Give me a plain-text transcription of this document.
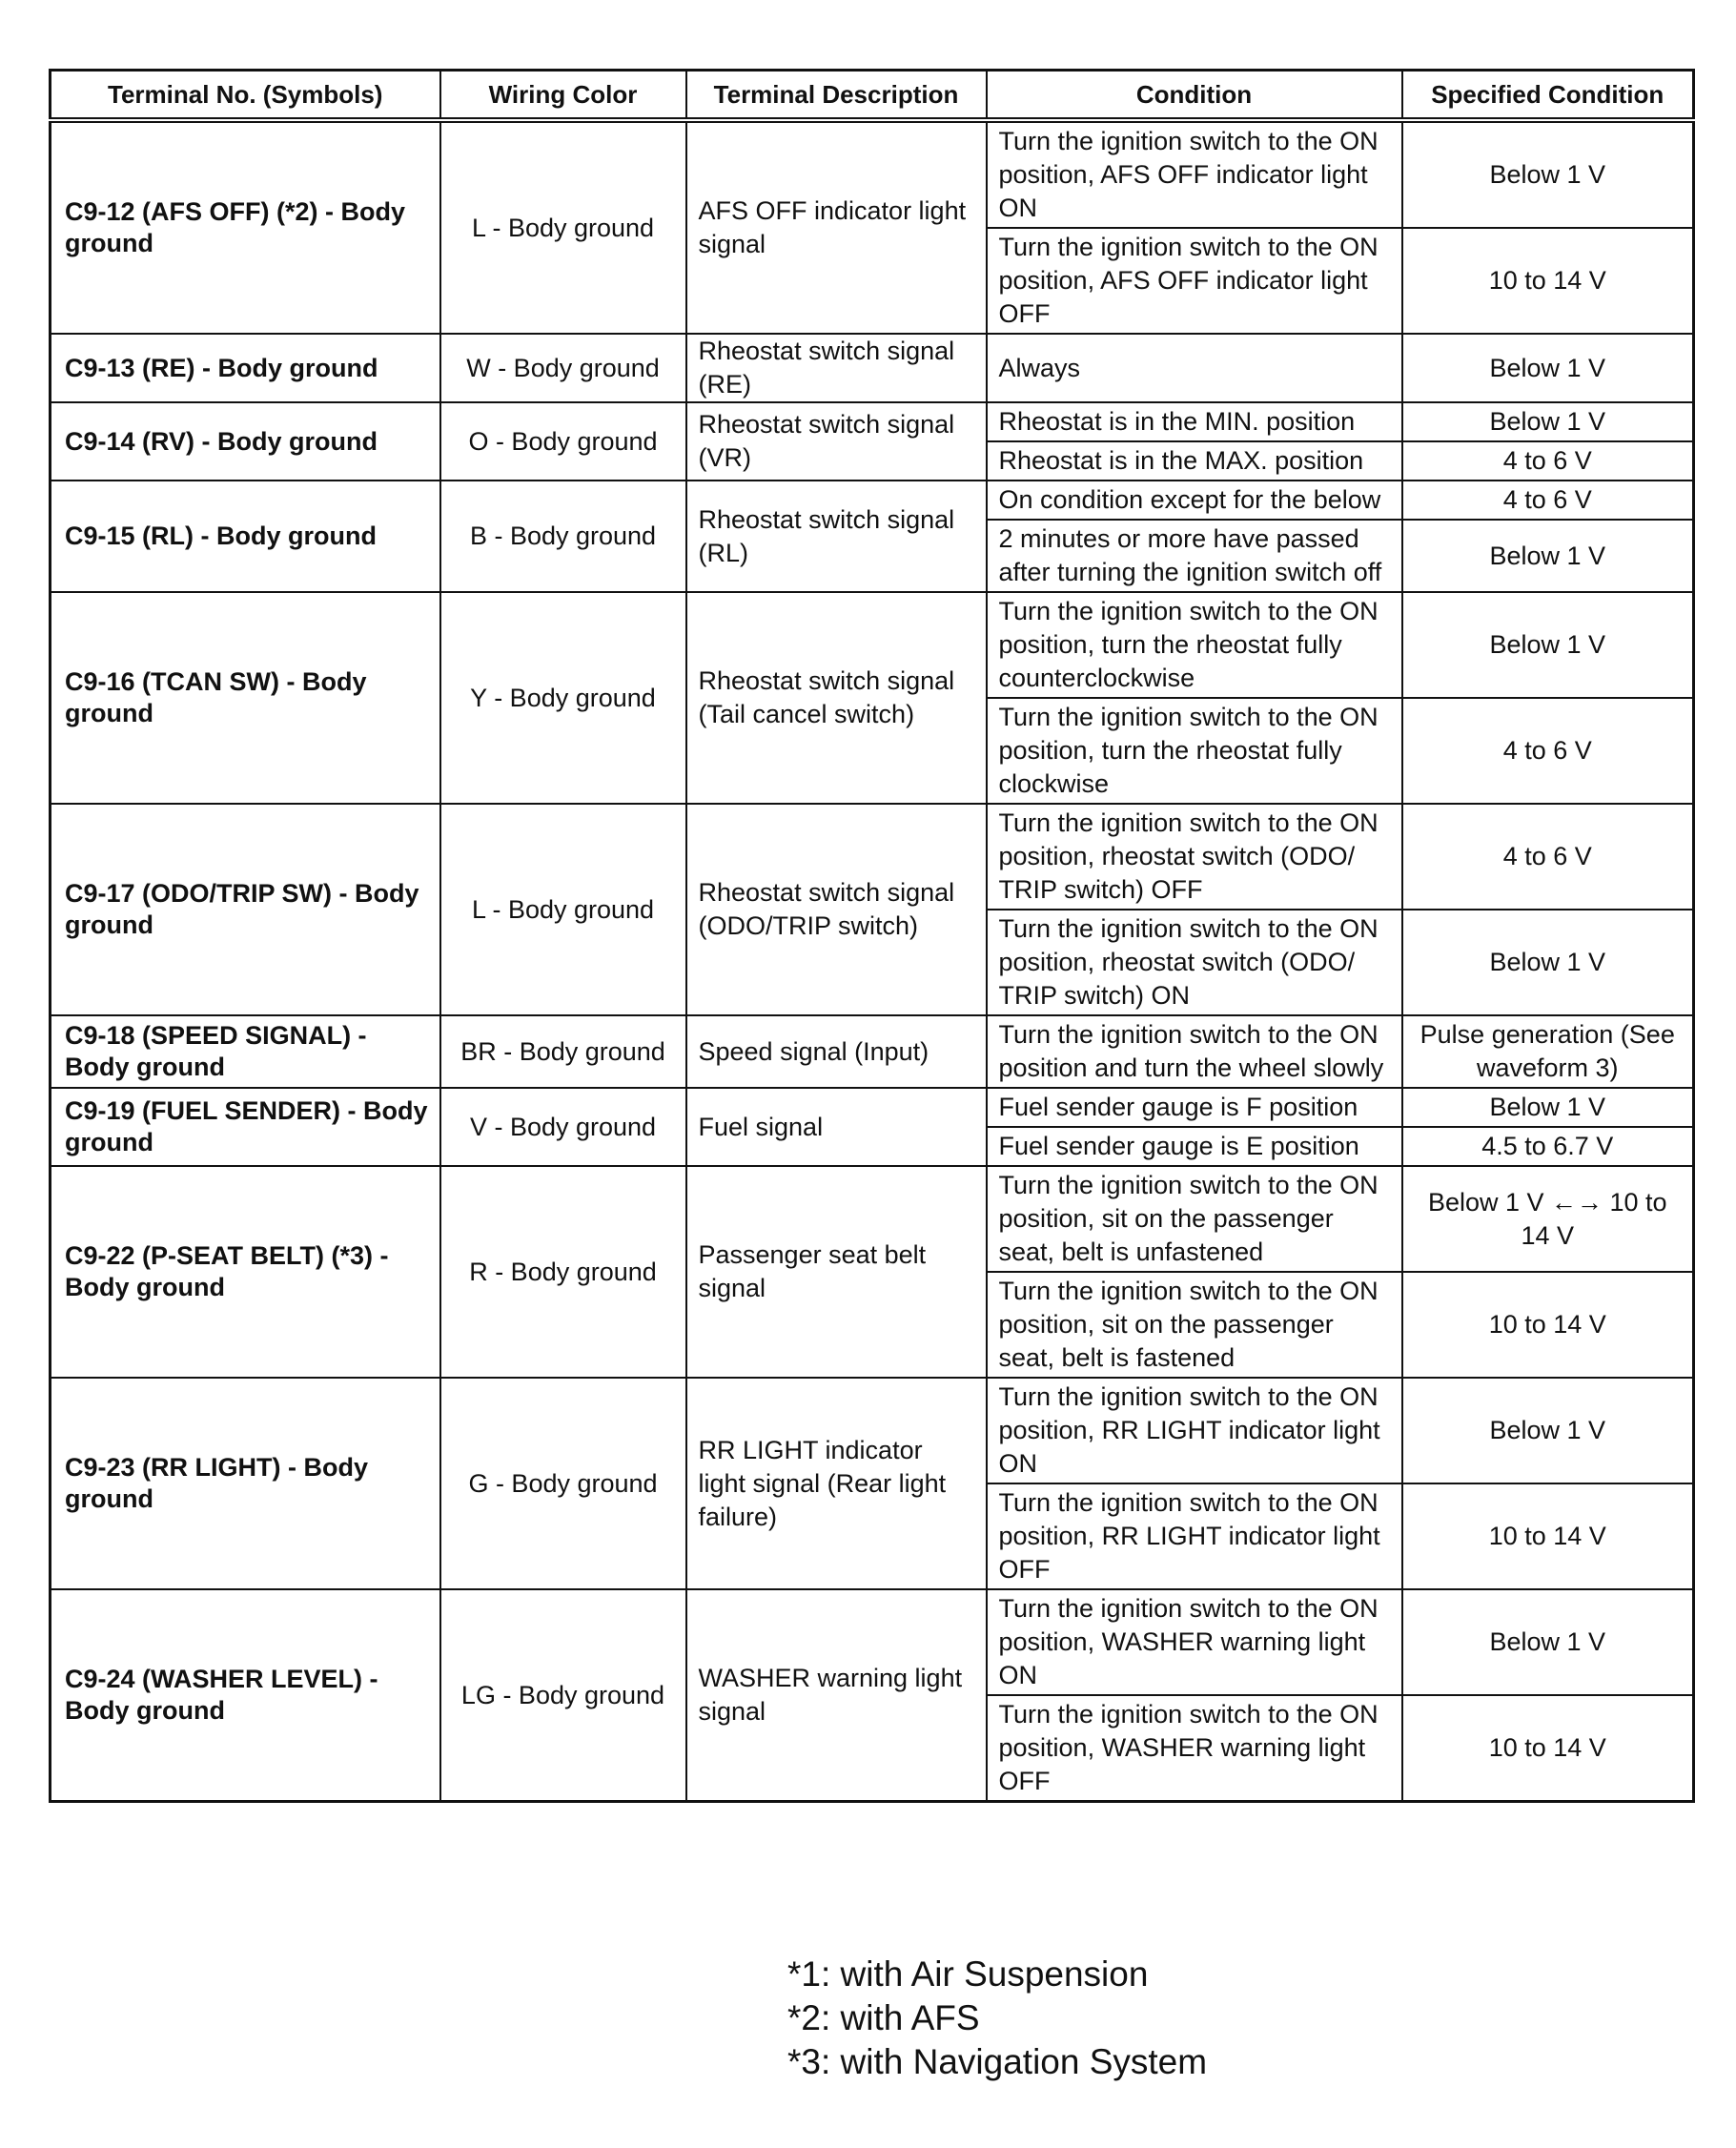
Terminal No. (Symbols)	Wiring Color	Terminal Description	Condition	Specified Condition
C9-12 (AFS OFF) (*2) - Body ground	L - Body ground	AFS OFF indicator light signal	Turn the ignition switch to the ON position, AFS OFF indicator light ON	Below 1 V
			Turn the ignition switch to the ON position, AFS OFF indicator light OFF	10 to 14 V
C9-13 (RE) - Body ground	W - Body ground	Rheostat switch signal (RE)	Always	Below 1 V
C9-14 (RV) - Body ground	O - Body ground	Rheostat switch signal (VR)	Rheostat is in the MIN. position	Below 1 V
			Rheostat is in the MAX. position	4 to 6 V
C9-15 (RL) - Body ground	B - Body ground	Rheostat switch signal (RL)	On condition except for the below	4 to 6 V
			2 minutes or more have passed after turning the ignition switch off	Below 1 V
C9-16 (TCAN SW) - Body ground	Y - Body ground	Rheostat switch signal (Tail cancel switch)	Turn the ignition switch to the ON position, turn the rheostat fully counterclockwise	Below 1 V
			Turn the ignition switch to the ON position, turn the rheostat fully clockwise	4 to 6 V
C9-17 (ODO/TRIP SW) - Body ground	L - Body ground	Rheostat switch signal (ODO/TRIP switch)	Turn the ignition switch to the ON position, rheostat switch (ODO/ TRIP switch) OFF	4 to 6 V
			Turn the ignition switch to the ON position, rheostat switch (ODO/ TRIP switch) ON	Below 1 V
C9-18 (SPEED SIGNAL) - Body ground	BR - Body ground	Speed signal (Input)	Turn the ignition switch to the ON position and turn the wheel slowly	Pulse generation (See waveform 3)
C9-19 (FUEL SENDER) - Body ground	V - Body ground	Fuel signal	Fuel sender gauge is F position	Below 1 V
			Fuel sender gauge is E position	4.5 to 6.7 V
C9-22 (P-SEAT BELT) (*3) - Body ground	R - Body ground	Passenger seat belt signal	Turn the ignition switch to the ON position, sit on the passenger seat, belt is unfastened	Below 1 V ←→ 10 to 14 V
			Turn the ignition switch to the ON position, sit on the passenger seat, belt is fastened	10 to 14 V
C9-23 (RR LIGHT) - Body ground	G - Body ground	RR LIGHT indicator light signal (Rear light failure)	Turn the ignition switch to the ON position, RR LIGHT indicator light ON	Below 1 V
			Turn the ignition switch to the ON position, RR LIGHT indicator light OFF	10 to 14 V
C9-24 (WASHER LEVEL) - Body ground	LG - Body ground	WASHER warning light signal	Turn the ignition switch to the ON position, WASHER warning light ON	Below 1 V
			Turn the ignition switch to the ON position, WASHER warning light OFF	10 to 14 V
*1: with Air Suspension
*2: with AFS
*3: with Navigation System
